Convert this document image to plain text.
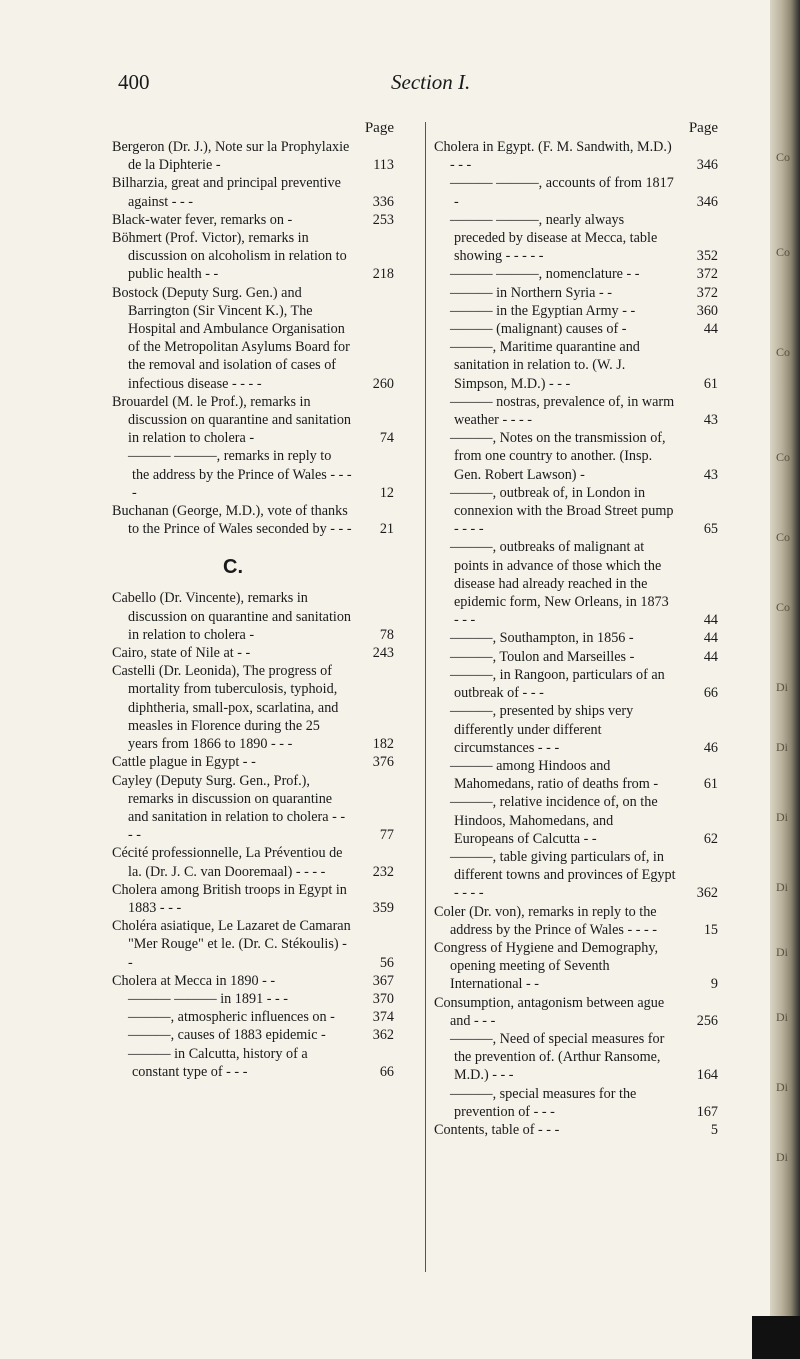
400	Section I.
Page
Bergeron (Dr. J.), Note sur la Prophylaxie de la Diphterie -	113
Bilharzia, great and principal preventive against - - -	336
Black-water fever, remarks on -	253
Böhmert (Prof. Victor), remarks in discussion on alcoholism in relation to public health - -	218
Bostock (Deputy Surg. Gen.) and Barrington (Sir Vincent K.), The Hospital and Ambulance Organisation of the Metropolitan Asylums Board for the removal and isolation of cases of infectious disease - - - -	260
Brouardel (M. le Prof.), remarks in discussion on quarantine and sanitation in relation to cholera -	74
——— ———, remarks in reply to the address by the Prince of Wales - - - -	12
Buchanan (George, M.D.), vote of thanks to the Prince of Wales seconded by - - -	21
C.
Cabello (Dr. Vincente), remarks in discussion on quarantine and sanitation in relation to cholera -	78
Cairo, state of Nile at - -	243
Castelli (Dr. Leonida), The progress of mortality from tuberculosis, typhoid, diphtheria, small-pox, scarlatina, and measles in Florence during the 25 years from 1866 to 1890 - - -	182
Cattle plague in Egypt - -	376
Cayley (Deputy Surg. Gen., Prof.), remarks in discussion on quarantine and sanitation in relation to cholera - - - -	77
Cécité professionnelle, La Préventiou de la. (Dr. J. C. van Dooremaal) - - - -	232
Cholera among British troops in Egypt in 1883 - - -	359
Choléra asiatique, Le Lazaret de Camaran "Mer Rouge" et le. (Dr. C. Stékoulis) - -	56
Cholera at Mecca in 1890 - -	367
——— ——— in 1891 - - -	370
———, atmospheric influences on -	374
———, causes of 1883 epidemic -	362
——— in Calcutta, history of a constant type of - - -	66
Page
Cholera in Egypt. (F. M. Sandwith, M.D.) - - -	346
——— ———, accounts of from 1817 -	346
——— ———, nearly always preceded by disease at Mecca, table showing - - - - -	352
——— ———, nomenclature - -	372
——— in Northern Syria - -	372
——— in the Egyptian Army - -	360
——— (malignant) causes of -	44
———, Maritime quarantine and sanitation in relation to. (W. J. Simpson, M.D.) - - -	61
——— nostras, prevalence of, in warm weather - - - -	43
———, Notes on the transmission of, from one country to another. (Insp. Gen. Robert Lawson) -	43
———, outbreak of, in London in connexion with the Broad Street pump - - - -	65
———, outbreaks of malignant at points in advance of those which the disease had already reached in the epidemic form, New Orleans, in 1873 - - -	44
———, Southampton, in 1856 -	44
———, Toulon and Marseilles -	44
———, in Rangoon, particulars of an outbreak of - - -	66
———, presented by ships very differently under different circumstances - - -	46
——— among Hindoos and Mahomedans, ratio of deaths from -	61
———, relative incidence of, on the Hindoos, Mahomedans, and Europeans of Calcutta - -	62
———, table giving particulars of, in different towns and provinces of Egypt - - - -	362
Coler (Dr. von), remarks in reply to the address by the Prince of Wales - - - -	15
Congress of Hygiene and Demography, opening meeting of Seventh International - -	9
Consumption, antagonism between ague and - - -	256
———, Need of special measures for the prevention of. (Arthur Ransome, M.D.) - - -	164
———, special measures for the prevention of - - -	167
Contents, table of - - -	5
Co
Co
Co
Co
Co
Co
Di
Di
Di
Di
Di
Di
Di
Di
